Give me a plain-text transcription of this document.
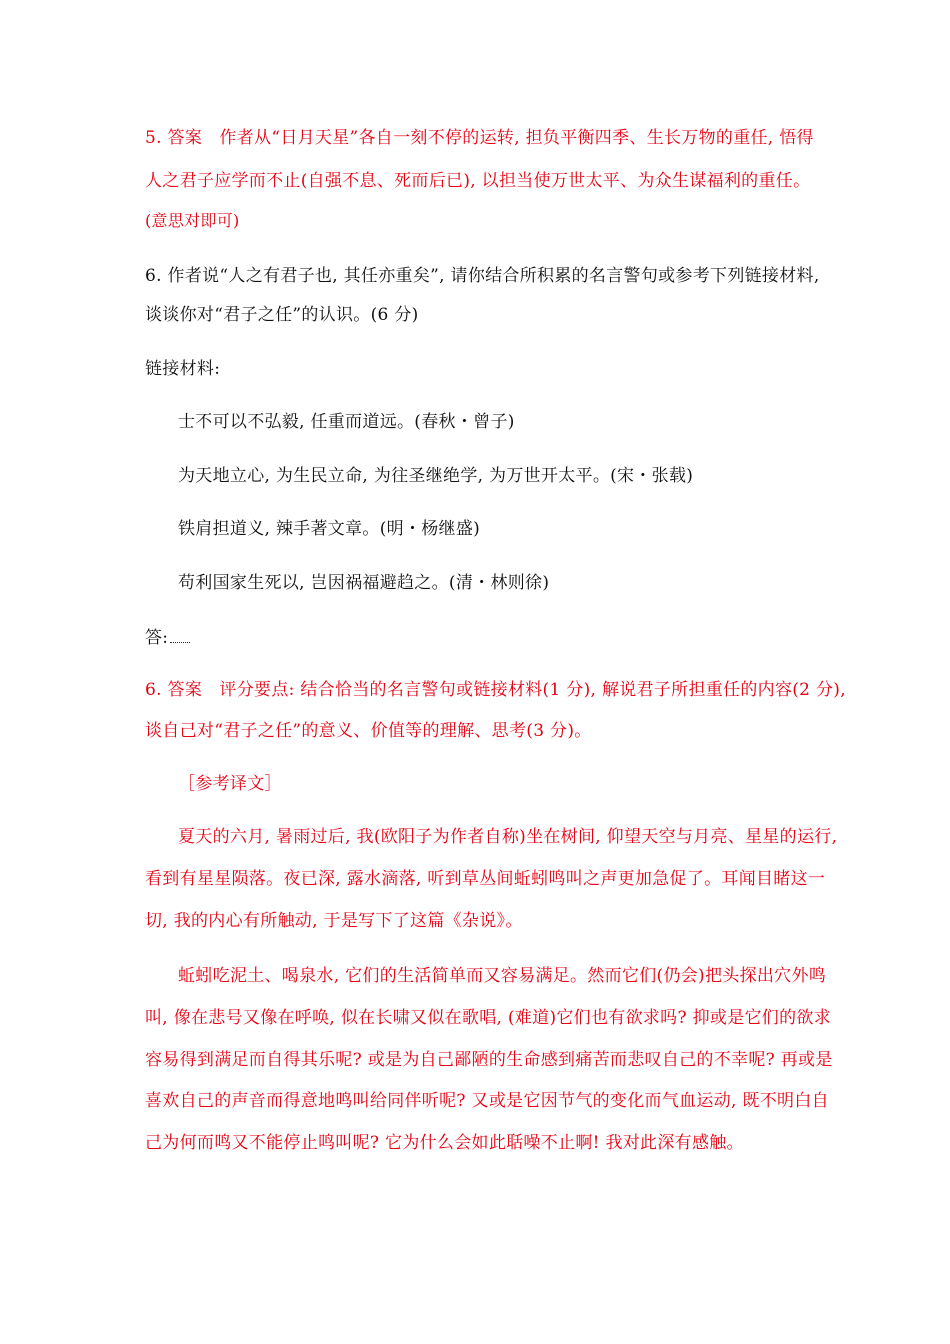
5. 答案　作者从“日月天星”各自一刻不停的运转, 担负平衡四季、生长万物的重任, 悟得
人之君子应学而不止(自强不息、死而后已), 以担当使万世太平、为众生谋福利的重任。
(意思对即可)
6. 作者说“人之有君子也, 其任亦重矣”, 请你结合所积累的名言警句或参考下列链接材料,
谈谈你对“君子之任”的认识。(6 分)
链接材料:
士不可以不弘毅, 任重而道远。(春秋・曾子)
为天地立心, 为生民立命, 为往圣继绝学, 为万世开太平。(宋・张载)
铁肩担道义, 辣手著文章。(明・杨继盛)
苟利国家生死以, 岂因祸福避趋之。(清・林则徐)
答:
6. 答案　评分要点: 结合恰当的名言警句或链接材料(1 分), 解说君子所担重任的内容(2 分),
谈自己对“君子之任”的意义、价值等的理解、思考(3 分)。
［参考译文］
夏天的六月, 暑雨过后, 我(欧阳子为作者自称)坐在树间, 仰望天空与月亮、星星的运行,
看到有星星陨落。夜已深, 露水滴落, 听到草丛间蚯蚓鸣叫之声更加急促了。耳闻目睹这一
切, 我的内心有所触动, 于是写下了这篇《杂说》。
蚯蚓吃泥土、喝泉水, 它们的生活简单而又容易满足。然而它们(仍会)把头探出穴外鸣
叫, 像在悲号又像在呼唤, 似在长啸又似在歌唱, (难道)它们也有欲求吗? 抑或是它们的欲求
容易得到满足而自得其乐呢? 或是为自己鄙陋的生命感到痛苦而悲叹自己的不幸呢? 再或是
喜欢自己的声音而得意地鸣叫给同伴听呢? 又或是它因节气的变化而气血运动, 既不明白自
己为何而鸣又不能停止鸣叫呢? 它为什么会如此聒噪不止啊! 我对此深有感触。
